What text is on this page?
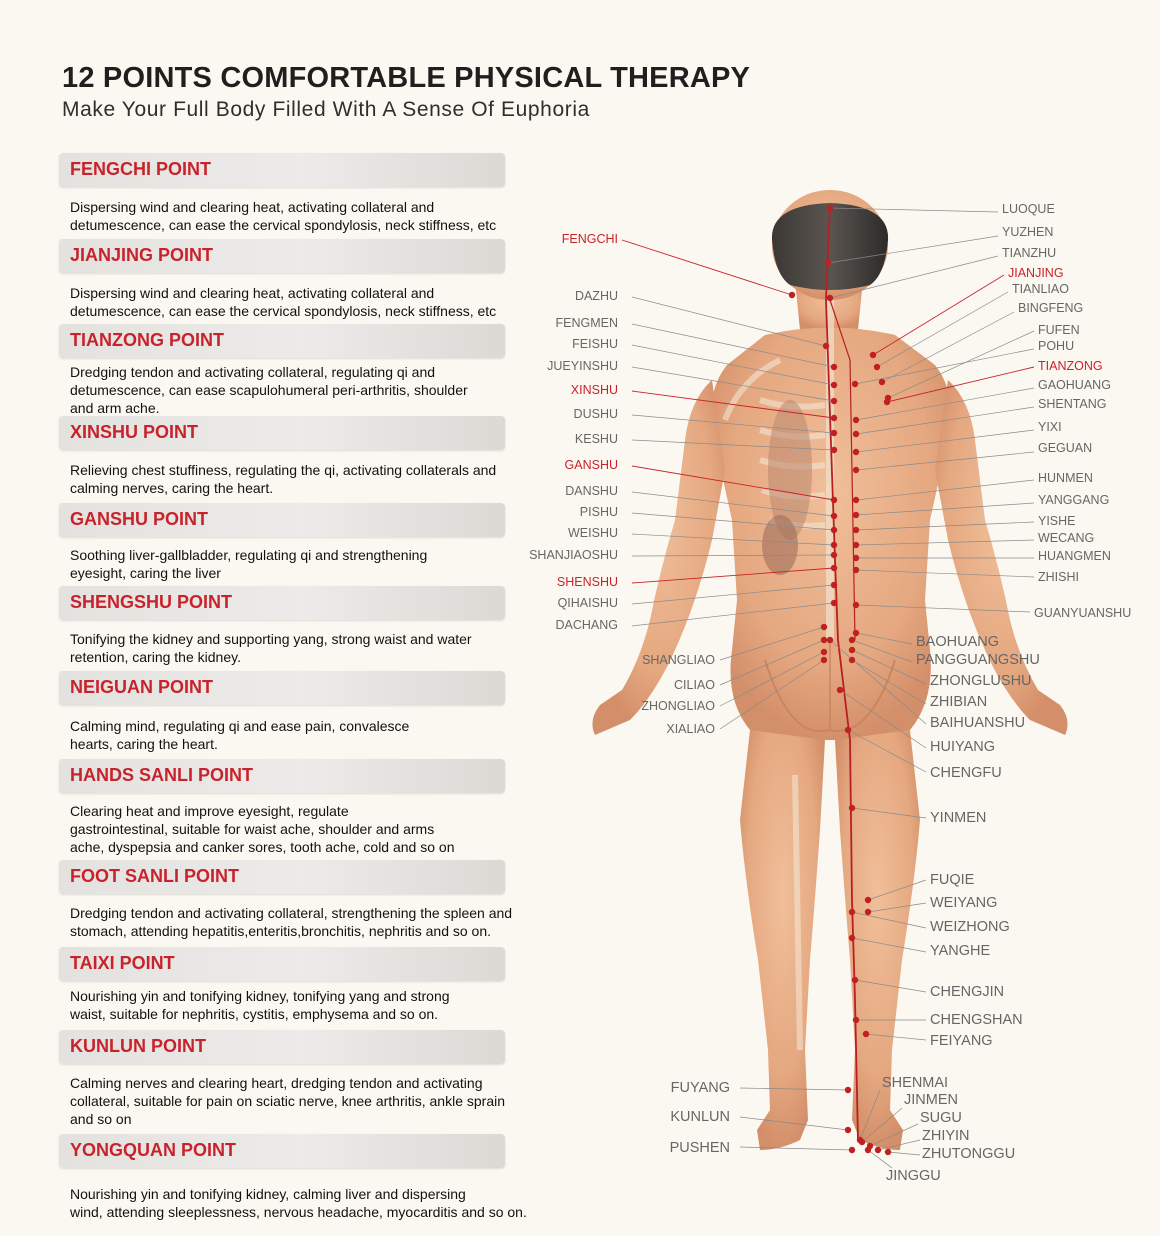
12 POINTS COMFORTABLE PHYSICAL THERAPY
Make Your Full Body Filled With A Sense Of Euphoria
FENGCHI POINT
Dispersing wind and clearing heat, activating collateral and
detumescence, can ease the cervical spondylosis, neck stiffness, etc
JIANJING POINT
Dispersing wind and clearing heat, activating collateral and
detumescence, can ease the cervical spondylosis, neck stiffness, etc
TIANZONG POINT
Dredging tendon and activating collateral, regulating qi and
detumescence, can ease scapulohumeral peri-arthritis, shoulder
and arm ache.
XINSHU POINT
Relieving chest stuffiness, regulating the qi, activating collaterals and
calming nerves, caring the heart.
GANSHU POINT
Soothing liver-gallbladder, regulating qi and strengthening
eyesight, caring the liver
SHENGSHU POINT
Tonifying the kidney and supporting yang, strong waist and water
retention, caring the kidney.
NEIGUAN POINT
Calming mind, regulating qi and ease pain, convalesce
hearts, caring the heart.
HANDS SANLI POINT
Clearing heat and improve eyesight, regulate
gastrointestinal, suitable for waist ache, shoulder and arms
ache, dyspepsia and canker sores, tooth ache, cold and so on
FOOT SANLI POINT
Dredging tendon and activating collateral, strengthening the spleen and
stomach, attending hepatitis,enteritis,bronchitis, nephritis and so on.
TAIXI POINT
Nourishing yin and tonifying kidney, tonifying yang and strong
waist, suitable for nephritis, cystitis, emphysema and so on.
KUNLUN POINT
Calming nerves and clearing heart, dredging tendon and activating
collateral, suitable for pain on sciatic nerve, knee arthritis, ankle sprain
and so on
YONGQUAN POINT
Nourishing yin and tonifying kidney, calming liver and dispersing
wind, attending sleeplessness, nervous headache, myocarditis and so on.
FENGCHI
DAZHU
FENGMEN
FEISHU
JUEYINSHU
XINSHU
DUSHU
KESHU
GANSHU
DANSHU
PISHU
WEISHU
SHANJIAOSHU
SHENSHU
QIHAISHU
DACHANG
SHANGLIAO
CILIAO
ZHONGLIAO
XIALIAO
FUYANG
KUNLUN
PUSHEN
LUOQUE
YUZHEN
TIANZHU
JIANJING
TIANLIAO
BINGFENG
FUFEN
POHU
TIANZONG
GAOHUANG
SHENTANG
YIXI
GEGUAN
HUNMEN
YANGGANG
YISHE
WECANG
HUANGMEN
ZHISHI
GUANYUANSHU
BAOHUANG
PANGGUANGSHU
ZHONGLUSHU
ZHIBIAN
BAIHUANSHU
HUIYANG
CHENGFU
YINMEN
FUQIE
WEIYANG
WEIZHONG
YANGHE
CHENGJIN
CHENGSHAN
FEIYANG
SHENMAI
JINMEN
SUGU
ZHIYIN
ZHUTONGGU
JINGGU
